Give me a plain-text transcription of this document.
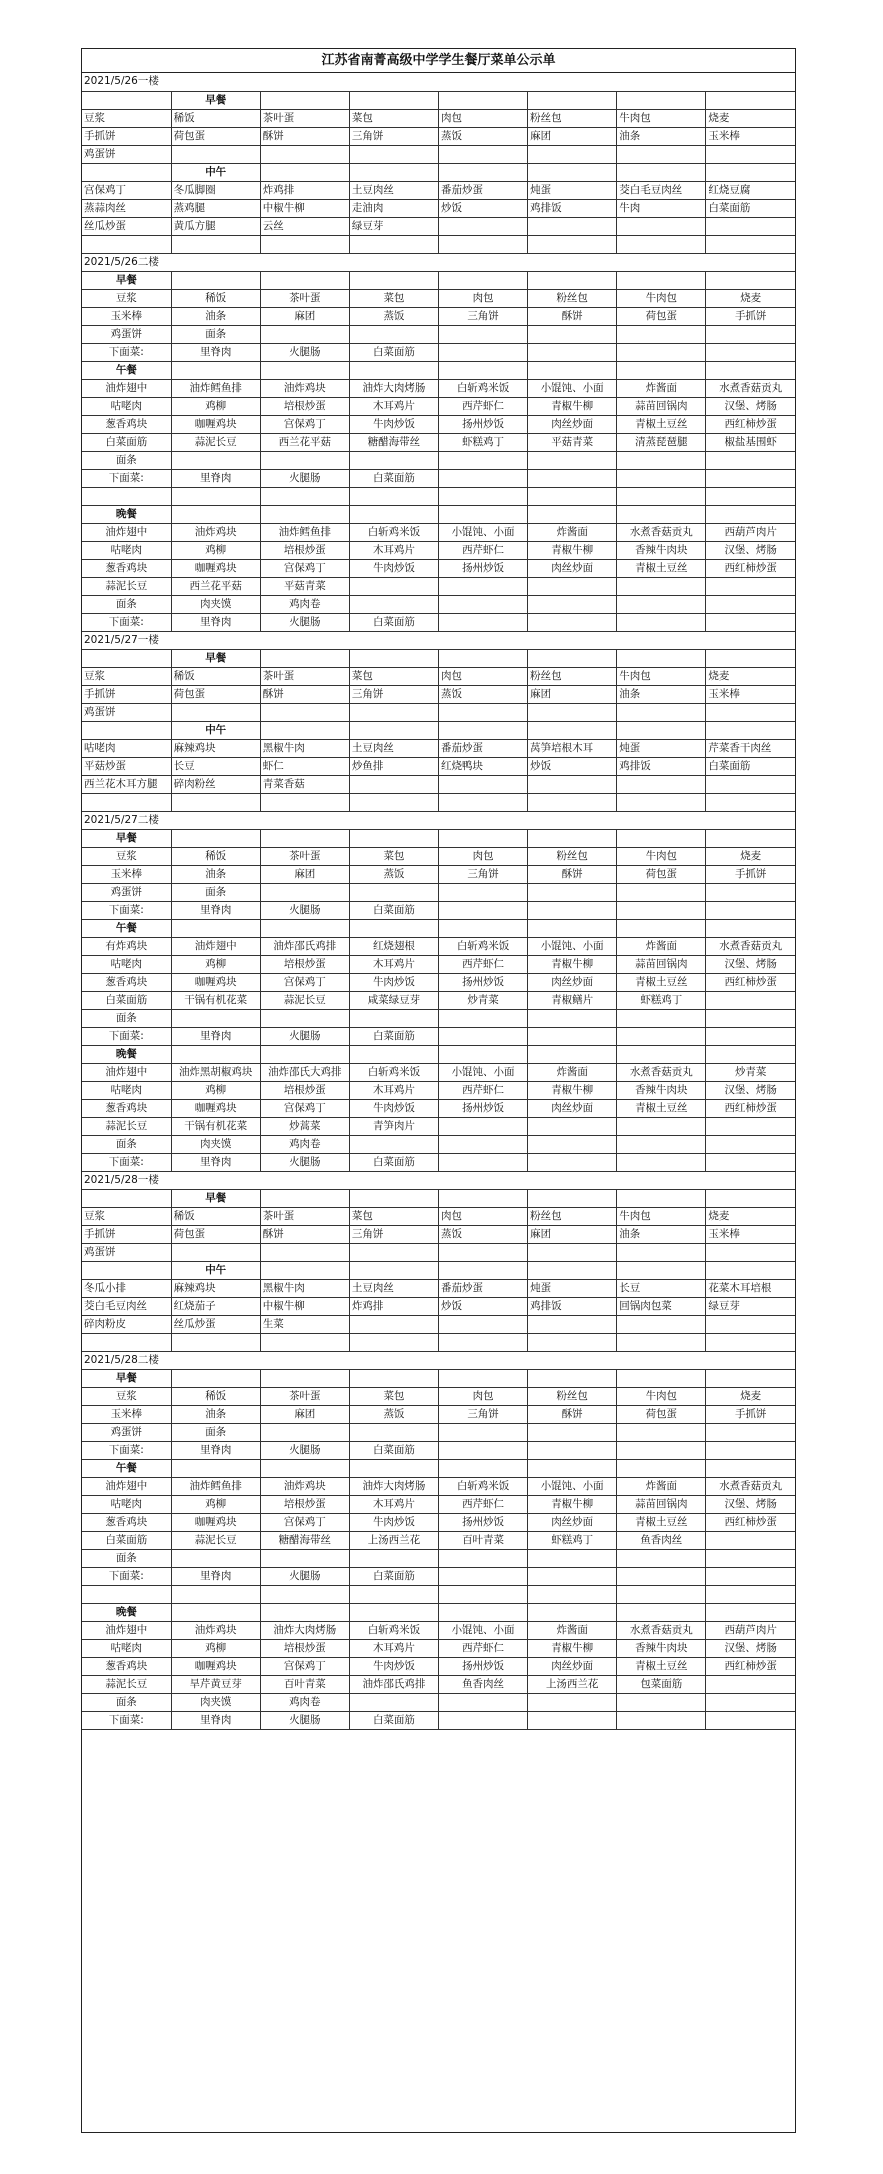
江苏省南菁高级中学学生餐厅菜单公示单
2021/5/26一楼							
	早餐						
豆浆	稀饭	茶叶蛋	菜包	肉包	粉丝包	牛肉包	烧麦
手抓饼	荷包蛋	酥饼	三角饼	蒸饭	麻团	油条	玉米棒
鸡蛋饼							
	中午						
宫保鸡丁	冬瓜脚圈	炸鸡排	土豆肉丝	番茄炒蛋	炖蛋	茭白毛豆肉丝	红烧豆腐
蒸蒜肉丝	蒸鸡腿	中椒牛柳	走油肉	炒饭	鸡排饭	牛肉	白菜面筋
丝瓜炒蛋	黄瓜方腿	云丝	绿豆芽				

2021/5/26二楼							
早餐							
豆浆	稀饭	茶叶蛋	菜包	肉包	粉丝包	牛肉包	烧麦
玉米棒	油条	麻团	蒸饭	三角饼	酥饼	荷包蛋	手抓饼
鸡蛋饼	面条						
下面菜:	里脊肉	火腿肠	白菜面筋				
午餐							
油炸翅中	油炸鳕鱼排	油炸鸡块	油炸大肉烤肠	白斩鸡米饭	小馄饨、小面	炸酱面	水煮香菇贡丸
咕咾肉	鸡柳	培根炒蛋	木耳鸡片	西芹虾仁	青椒牛柳	蒜苗回锅肉	汉堡、烤肠
葱香鸡块	咖喱鸡块	宫保鸡丁	牛肉炒饭	扬州炒饭	肉丝炒面	青椒土豆丝	西红柿炒蛋
白菜面筋	蒜泥长豆	西兰花平菇	糖醋海带丝	虾糕鸡丁	平菇青菜	清蒸琵琶腿	椒盐基围虾
面条							
下面菜:	里脊肉	火腿肠	白菜面筋				

晚餐							
油炸翅中	油炸鸡块	油炸鳕鱼排	白斩鸡米饭	小馄饨、小面	炸酱面	水煮香菇贡丸	西葫芦肉片
咕咾肉	鸡柳	培根炒蛋	木耳鸡片	西芹虾仁	青椒牛柳	香辣牛肉块	汉堡、烤肠
葱香鸡块	咖喱鸡块	宫保鸡丁	牛肉炒饭	扬州炒饭	肉丝炒面	青椒土豆丝	西红柿炒蛋
蒜泥长豆	西兰花平菇	平菇青菜					
面条	肉夹馍	鸡肉卷					
下面菜:	里脊肉	火腿肠	白菜面筋				
2021/5/27一楼							
	早餐						
豆浆	稀饭	茶叶蛋	菜包	肉包	粉丝包	牛肉包	烧麦
手抓饼	荷包蛋	酥饼	三角饼	蒸饭	麻团	油条	玉米棒
鸡蛋饼							
	中午						
咕咾肉	麻辣鸡块	黑椒牛肉	土豆肉丝	番茄炒蛋	莴笋培根木耳	炖蛋	芹菜香干肉丝
平菇炒蛋	长豆	虾仁	炒鱼排	红烧鸭块	炒饭	鸡排饭	白菜面筋
西兰花木耳方腿	碎肉粉丝	青菜香菇					

2021/5/27二楼							
早餐							
豆浆	稀饭	茶叶蛋	菜包	肉包	粉丝包	牛肉包	烧麦
玉米棒	油条	麻团	蒸饭	三角饼	酥饼	荷包蛋	手抓饼
鸡蛋饼	面条						
下面菜:	里脊肉	火腿肠	白菜面筋				
午餐							
有炸鸡块	油炸翅中	油炸邵氏鸡排	红烧翅根	白斩鸡米饭	小馄饨、小面	炸酱面	水煮香菇贡丸
咕咾肉	鸡柳	培根炒蛋	木耳鸡片	西芹虾仁	青椒牛柳	蒜苗回锅肉	汉堡、烤肠
葱香鸡块	咖喱鸡块	宫保鸡丁	牛肉炒饭	扬州炒饭	肉丝炒面	青椒土豆丝	西红柿炒蛋
白菜面筋	干锅有机花菜	蒜泥长豆	咸菜绿豆芽	炒青菜	青椒鳝片	虾糕鸡丁	
面条							
下面菜:	里脊肉	火腿肠	白菜面筋				
晚餐							
油炸翅中	油炸黑胡椒鸡块	油炸邵氏大鸡排	白斩鸡米饭	小馄饨、小面	炸酱面	水煮香菇贡丸	炒青菜
咕咾肉	鸡柳	培根炒蛋	木耳鸡片	西芹虾仁	青椒牛柳	香辣牛肉块	汉堡、烤肠
葱香鸡块	咖喱鸡块	宫保鸡丁	牛肉炒饭	扬州炒饭	肉丝炒面	青椒土豆丝	西红柿炒蛋
蒜泥长豆	干锅有机花菜	炒蒿菜	青笋肉片				
面条	肉夹馍	鸡肉卷					
下面菜:	里脊肉	火腿肠	白菜面筋				
2021/5/28一楼							
	早餐						
豆浆	稀饭	茶叶蛋	菜包	肉包	粉丝包	牛肉包	烧麦
手抓饼	荷包蛋	酥饼	三角饼	蒸饭	麻团	油条	玉米棒
鸡蛋饼							
	中午						
冬瓜小排	麻辣鸡块	黑椒牛肉	土豆肉丝	番茄炒蛋	炖蛋	长豆	花菜木耳培根
茭白毛豆肉丝	红烧茄子	中椒牛柳	炸鸡排	炒饭	鸡排饭	回锅肉包菜	绿豆芽
碎肉粉皮	丝瓜炒蛋	生菜					

2021/5/28二楼							
早餐							
豆浆	稀饭	茶叶蛋	菜包	肉包	粉丝包	牛肉包	烧麦
玉米棒	油条	麻团	蒸饭	三角饼	酥饼	荷包蛋	手抓饼
鸡蛋饼	面条						
下面菜:	里脊肉	火腿肠	白菜面筋				
午餐							
油炸翅中	油炸鳕鱼排	油炸鸡块	油炸大肉烤肠	白斩鸡米饭	小馄饨、小面	炸酱面	水煮香菇贡丸
咕咾肉	鸡柳	培根炒蛋	木耳鸡片	西芹虾仁	青椒牛柳	蒜苗回锅肉	汉堡、烤肠
葱香鸡块	咖喱鸡块	宫保鸡丁	牛肉炒饭	扬州炒饭	肉丝炒面	青椒土豆丝	西红柿炒蛋
白菜面筋	蒜泥长豆	糖醋海带丝	上汤西兰花	百叶青菜	虾糕鸡丁	鱼香肉丝	
面条							
下面菜:	里脊肉	火腿肠	白菜面筋				

晚餐							
油炸翅中	油炸鸡块	油炸大肉烤肠	白斩鸡米饭	小馄饨、小面	炸酱面	水煮香菇贡丸	西葫芦肉片
咕咾肉	鸡柳	培根炒蛋	木耳鸡片	西芹虾仁	青椒牛柳	香辣牛肉块	汉堡、烤肠
葱香鸡块	咖喱鸡块	宫保鸡丁	牛肉炒饭	扬州炒饭	肉丝炒面	青椒土豆丝	西红柿炒蛋
蒜泥长豆	旱芹黄豆芽	百叶青菜	油炸邵氏鸡排	鱼香肉丝	上汤西兰花	包菜面筋	
面条	肉夹馍	鸡肉卷					
下面菜:	里脊肉	火腿肠	白菜面筋				
